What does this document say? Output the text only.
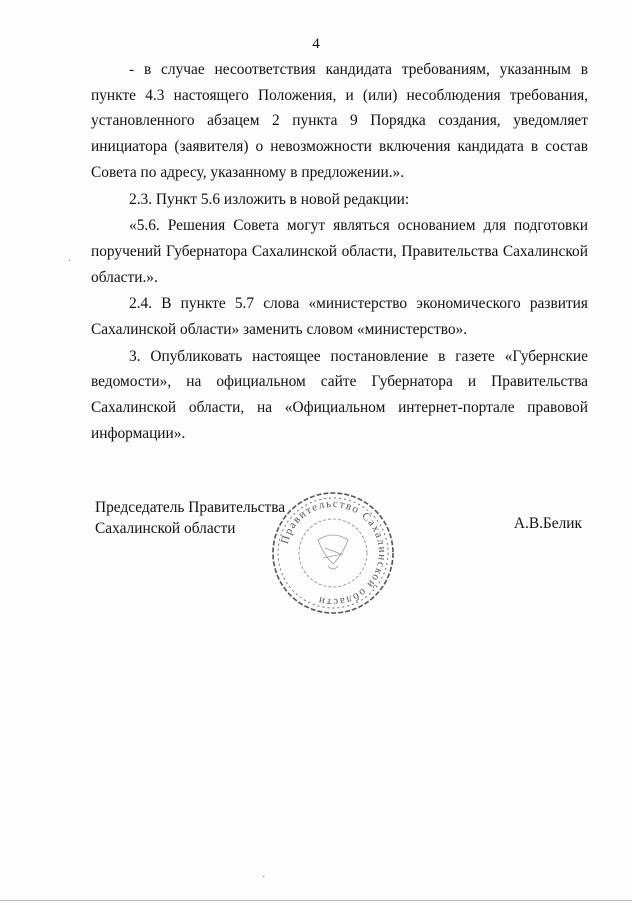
4

- в случае несоответствия кандидата требованиям, указанным в пункте 4.3 настоящего Положения, и (или) несоблюдения требования, установленного абзацем 2 пункта 9 Порядка создания, уведомляет инициатора (заявителя) о невозможности включения кандидата в состав Совета по адресу, указанному в предложении.».

2.3. Пункт 5.6 изложить в новой редакции:

«5.6. Решения Совета могут являться основанием для подготовки поручений Губернатора Сахалинской области, Правительства Сахалинской области.».

2.4. В пункте 5.7 слова «министерство экономического развития Сахалинской области» заменить словом «министерство».

3. Опубликовать настоящее постановление в газете «Губернские ведомости», на официальном сайте Губернатора и Правительства Сахалинской области, на «Официальном интернет-портале правовой информации».

Председатель Правительства
Сахалинской области
Правительство Сахалинской области
А.В.Белик
·
·
